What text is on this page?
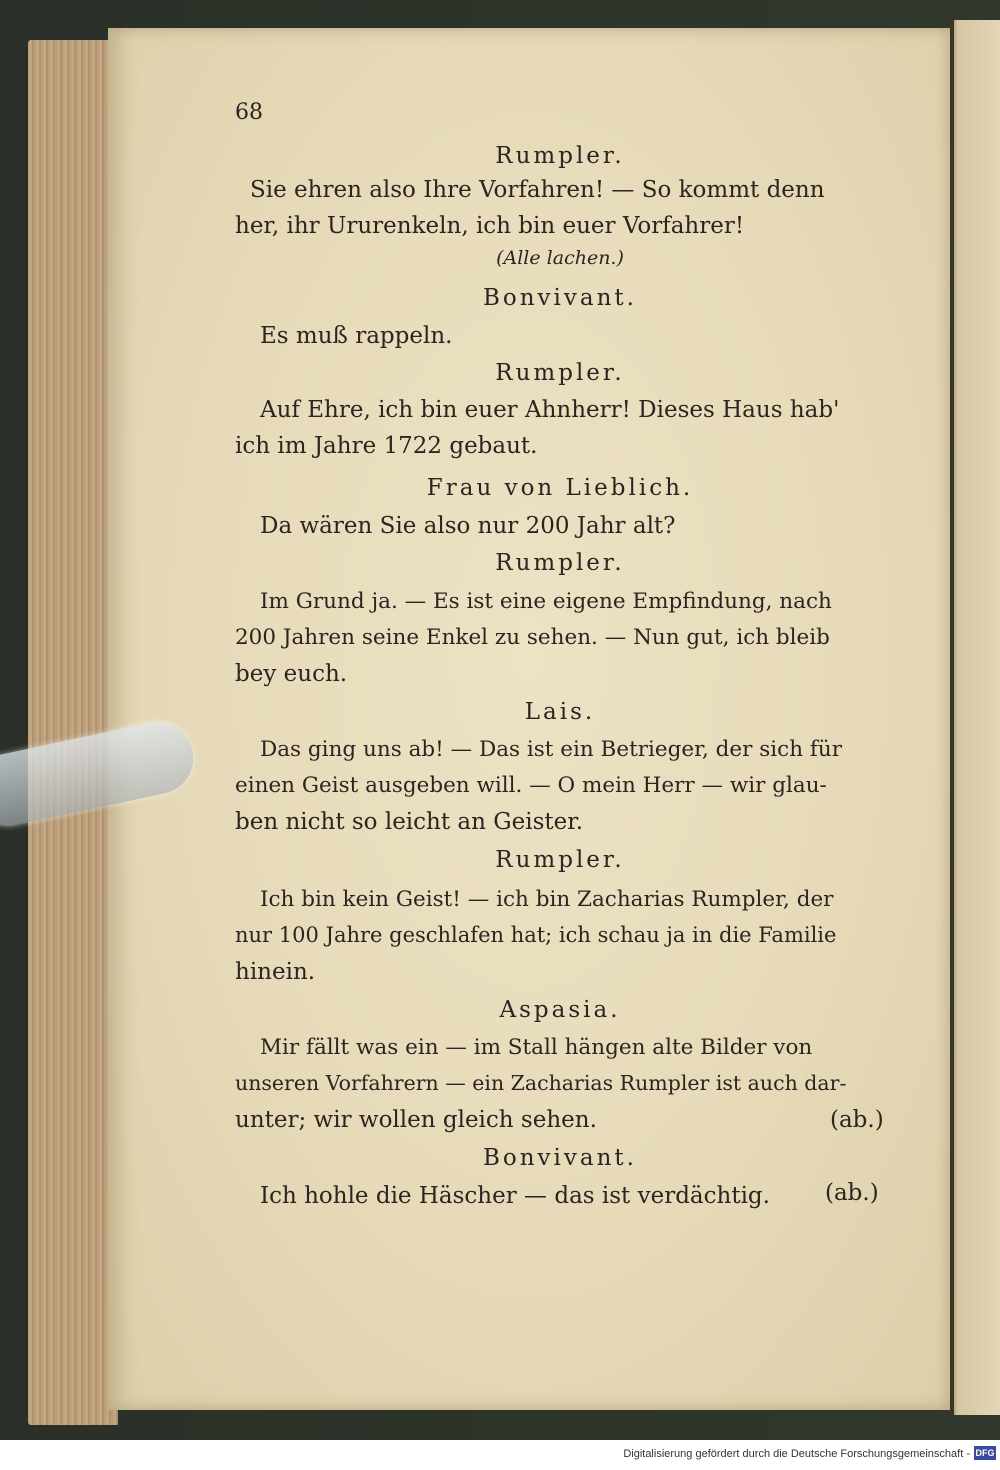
68
Rumpler.
Sie ehren also Ihre Vorfahren! — So kommt denn
her, ihr Ururenkeln, ich bin euer Vorfahrer!
(Alle lachen.)
Bonvivant.
Es muß rappeln.
Rumpler.
Auf Ehre, ich bin euer Ahnherr! Dieses Haus hab'
ich im Jahre 1722 gebaut.
Frau von Lieblich.
Da wären Sie also nur 200 Jahr alt?
Rumpler.
Im Grund ja. — Es ist eine eigene Empfindung, nach
200 Jahren seine Enkel zu sehen. — Nun gut, ich bleib
bey euch.
Lais.
Das ging uns ab! — Das ist ein Betrieger, der sich für
einen Geist ausgeben will. — O mein Herr — wir glau-
ben nicht so leicht an Geister.
Rumpler.
Ich bin kein Geist! — ich bin Zacharias Rumpler, der
nur 100 Jahre geschlafen hat; ich schau ja in die Familie
hinein.
Aspasia.
Mir fällt was ein — im Stall hängen alte Bilder von
unseren Vorfahrern — ein Zacharias Rumpler ist auch dar-
unter; wir wollen gleich sehen.	(ab.)
Bonvivant.
Ich hohle die Häscher — das ist verdächtig. (ab.)
Digitalisierung gefördert durch die Deutsche Forschungsgemeinschaft - DFG
